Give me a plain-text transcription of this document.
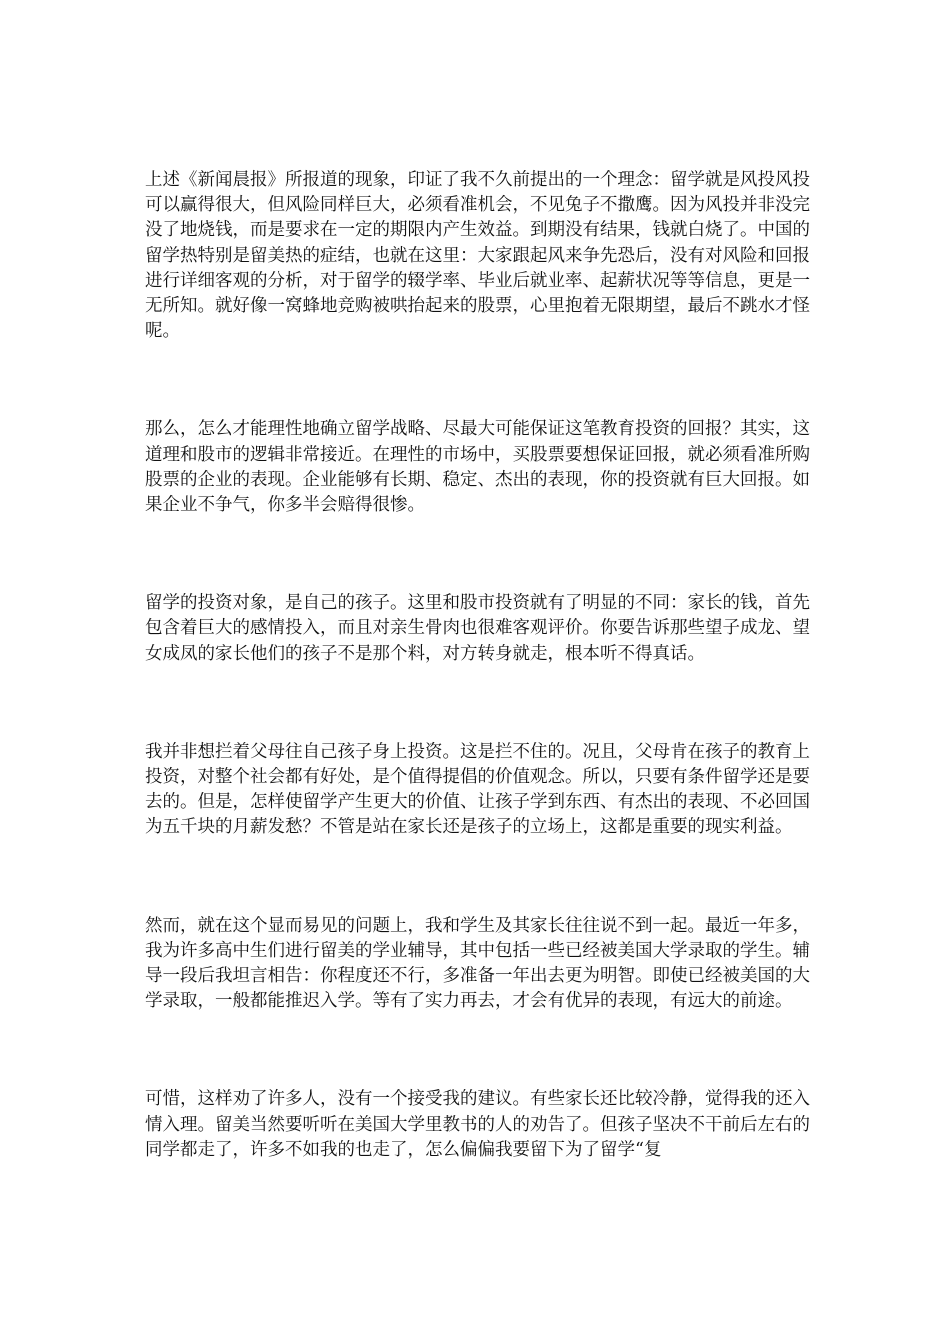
上述《新闻晨报》所报道的现象，印证了我不久前提出的一个理念：留学就是风投风投可以赢得很大，但风险同样巨大，必须看准机会，不见兔子不撒鹰。因为风投并非没完没了地烧钱，而是要求在一定的期限内产生效益。到期没有结果，钱就白烧了。中国的留学热特别是留美热的症结，也就在这里：大家跟起风来争先恐后，没有对风险和回报进行详细客观的分析，对于留学的辍学率、毕业后就业率、起薪状况等等信息，更是一无所知。就好像一窝蜂地竞购被哄抬起来的股票，心里抱着无限期望，最后不跳水才怪呢。

那么，怎么才能理性地确立留学战略、尽最大可能保证这笔教育投资的回报？其实，这道理和股市的逻辑非常接近。在理性的市场中，买股票要想保证回报，就必须看准所购股票的企业的表现。企业能够有长期、稳定、杰出的表现，你的投资就有巨大回报。如果企业不争气，你多半会赔得很惨。

留学的投资对象，是自己的孩子。这里和股市投资就有了明显的不同：家长的钱，首先包含着巨大的感情投入，而且对亲生骨肉也很难客观评价。你要告诉那些望子成龙、望女成凤的家长他们的孩子不是那个料，对方转身就走，根本听不得真话。

我并非想拦着父母往自己孩子身上投资。这是拦不住的。况且，父母肯在孩子的教育上投资，对整个社会都有好处，是个值得提倡的价值观念。所以，只要有条件留学还是要去的。但是，怎样使留学产生更大的价值、让孩子学到东西、有杰出的表现、不必回国为五千块的月薪发愁？不管是站在家长还是孩子的立场上，这都是重要的现实利益。

然而，就在这个显而易见的问题上，我和学生及其家长往往说不到一起。最近一年多，我为许多高中生们进行留美的学业辅导，其中包括一些已经被美国大学录取的学生。辅导一段后我坦言相告：你程度还不行，多准备一年出去更为明智。即使已经被美国的大学录取，一般都能推迟入学。等有了实力再去，才会有优异的表现，有远大的前途。

可惜，这样劝了许多人，没有一个接受我的建议。有些家长还比较冷静，觉得我的还入情入理。留美当然要听听在美国大学里教书的人的劝告了。但孩子坚决不干前后左右的同学都走了，许多不如我的也走了，怎么偏偏我要留下为了留学“复
